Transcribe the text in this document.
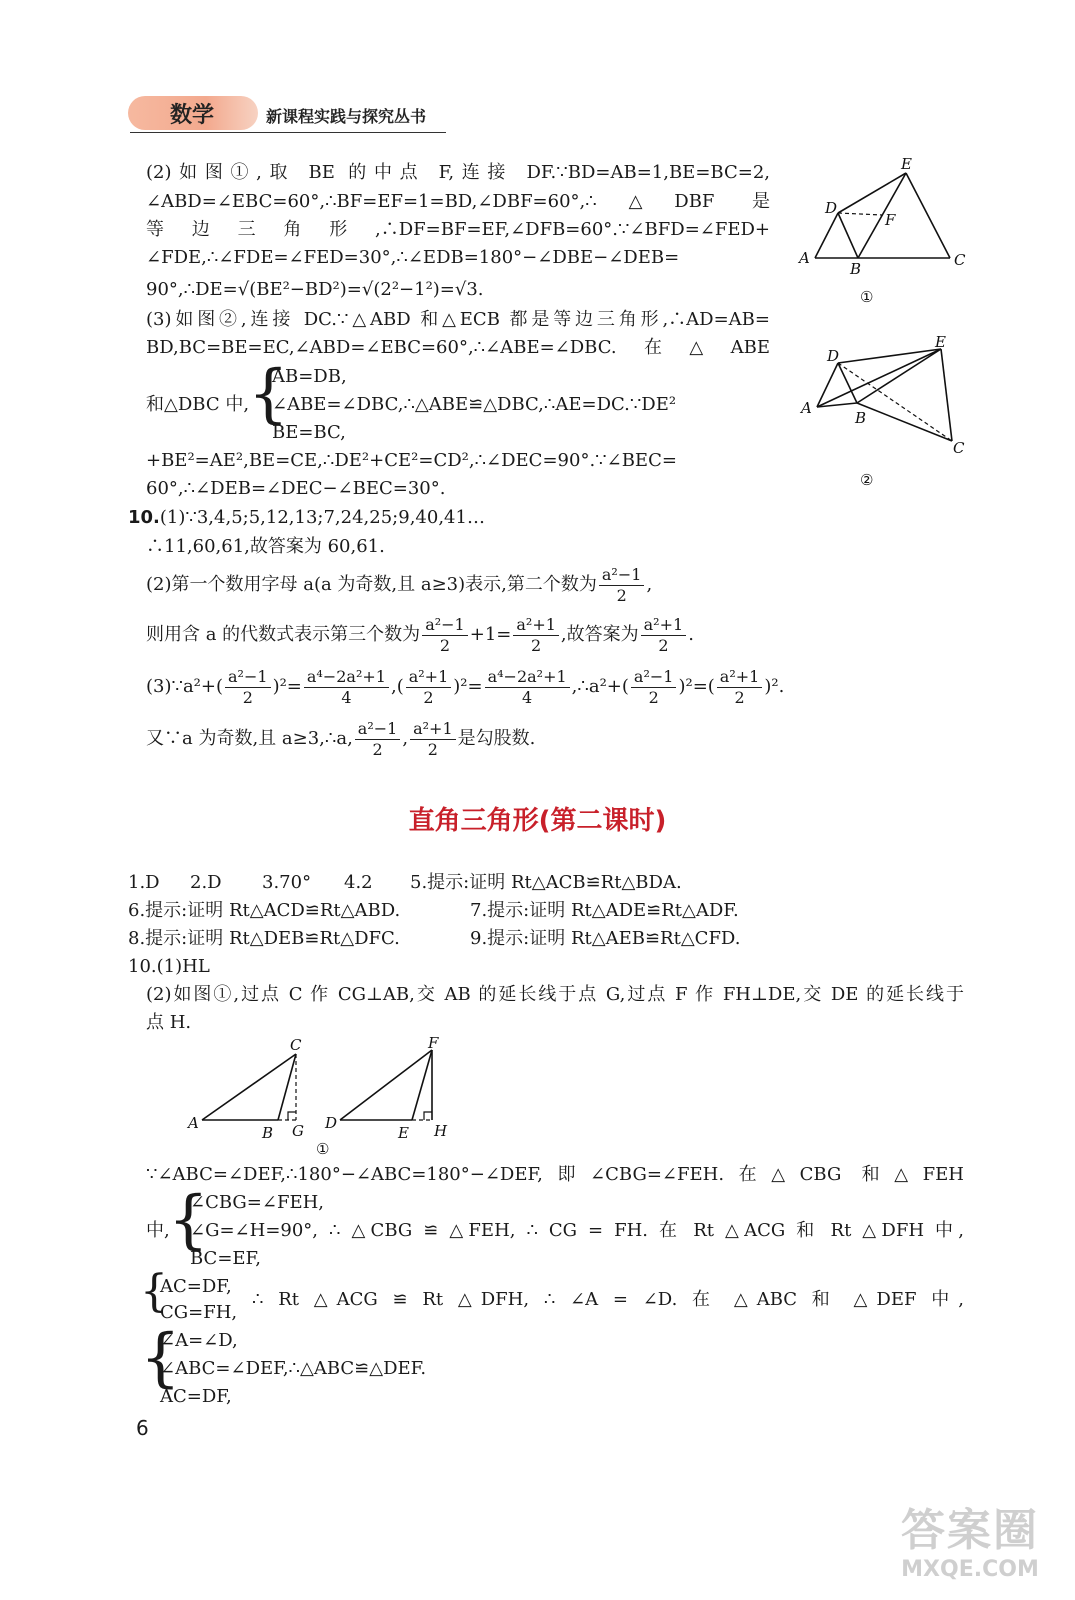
数学	新课程实践与探究丛书
(2)如图①,取 BE 的中点 F,连接 DF.∵BD=AB=1,BE=BC=2,
∠ABD=∠EBC=60°,∴BF=EF=1=BD,∠DBF=60°,∴△DBF 是
等边三角形,∴DF=BF=EF,∠DFB=60°.∵∠BFD=∠FED+
∠FDE,∴∠FDE=∠FED=30°,∴∠EDB=180°−∠DBE−∠DEB=
90°,∴DE=√(BE²−BD²)=√(2²−1²)=√3.
(3)如图②,连接 DC.∵△ABD 和△ECB 都是等边三角形,∴AD=AB=
BD,BC=BE=EC,∠ABD=∠EBC=60°,∴∠ABE=∠DBC.在△ABE
和△DBC 中,
{
AB=DB,
∠ABE=∠DBC,∴△ABE≌△DBC,∴AE=DC.∵DE²
BE=BC,
+BE²=AE²,BE=CE,∴DE²+CE²=CD²,∴∠DEC=90°.∵∠BEC=
60°,∴∠DEB=∠DEC−∠BEC=30°.
D
E
F
A
B	C
①
D
E
A
B
C
②
10.(1)∵3,4,5;5,12,13;7,24,25;9,40,41…
∴11,60,61,故答案为 60,61.
(2)第一个数用字母 a(a 为奇数,且 a≥3)表示,第二个数为 $\frac{\text{a²−1}}{2}$ ,
则用含 a 的代数式表示第三个数为 $\frac{\text{a²−1}}{2} +1= \frac{\text{a²+1}}{2}$ ,故答案为 $\frac{\text{a²+1}}{2}$ .
(3)∵a²+( $\frac{\text{a²−1}}{2} )^2= \frac{\text{a⁴−2a²+1}}{4}$ ,( $\frac{\text{a²+1}}{2} )^2= \frac{\text{a⁴−2a²+1}}{4}$ ,∴a²+( $\frac{\text{a²−1}}{2} )^2=( \frac{\text{a²+1}}{2} )^2$.
又∵a 为奇数,且 a≥3,∴a, $\frac{\text{a²−1}}{2}$ , $\frac{\text{a²+1}}{2}$ 是勾股数.
直角三角形(第二课时)
1.D 2.D 3.70° 4.2 5.提示:证明 Rt△ACB≌Rt△BDA.
6.提示:证明 Rt△ACD≌Rt△ABD.	7.提示:证明 Rt△ADE≌Rt△ADF.
8.提示:证明 Rt△DEB≌Rt△DFC.	9.提示:证明 Rt△AEB≌Rt△CFD.
10.(1)HL
(2)如图①,过点 C 作 CG⊥AB,交 AB 的延长线于点 G,过点 F 作 FH⊥DE,交 DE 的延长线于
点 H.
C
A
B G
F
D
E H
①
∵∠ABC=∠DEF,∴180°−∠ABC=180°−∠DEF,即∠CBG=∠FEH.在△CBG 和△FEH
中,
{
∠CBG=∠FEH,
∠G=∠H=90°, ∴ △CBG ≌ △FEH, ∴ CG = FH. 在 Rt △ACG 和 Rt △DFH 中,
BC=EF,
{
AC=DF,
CG=FH,
∴ Rt △ACG ≌ Rt △DFH, ∴ ∠A = ∠D. 在 △ABC 和 △DEF 中,
{
∠A=∠D,
∠ABC=∠DEF,∴△ABC≌△DEF.
AC=DF,
6
答案圈
MXQE.COM
